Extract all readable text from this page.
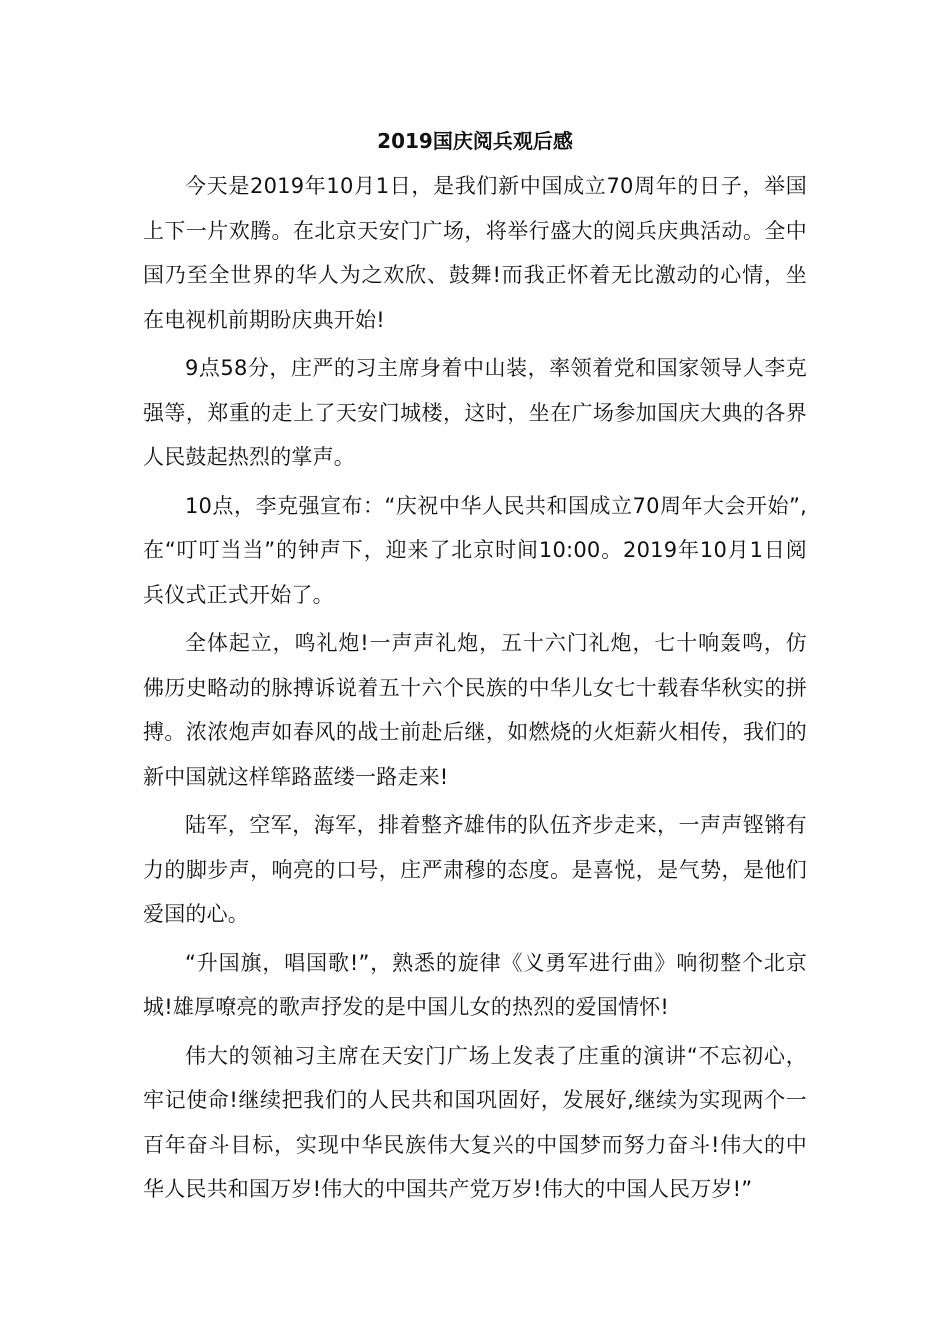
2019国庆阅兵观后感

今天是2019年10月1日，是我们新中国成立70周年的日子，举国上下一片欢腾。在北京天安门广场，将举行盛大的阅兵庆典活动。全中国乃至全世界的华人为之欢欣、鼓舞!而我正怀着无比激动的心情，坐在电视机前期盼庆典开始!

9点58分，庄严的习主席身着中山装，率领着党和国家领导人李克强等，郑重的走上了天安门城楼，这时，坐在广场参加国庆大典的各界人民鼓起热烈的掌声。

10点，李克强宣布：“庆祝中华人民共和国成立70周年大会开始”,在“叮叮当当”的钟声下，迎来了北京时间10:00。2019年10月1日阅兵仪式正式开始了。

全体起立，鸣礼炮!一声声礼炮，五十六门礼炮，七十响轰鸣，仿佛历史略动的脉搏诉说着五十六个民族的中华儿女七十载春华秋实的拼搏。浓浓炮声如春风的战士前赴后继，如燃烧的火炬薪火相传，我们的新中国就这样筚路蓝缕一路走来!

陆军，空军，海军，排着整齐雄伟的队伍齐步走来，一声声铿锵有力的脚步声，响亮的口号，庄严肃穆的态度。是喜悦，是气势，是他们爱国的心。

“升国旗，唱国歌!”，熟悉的旋律《义勇军进行曲》响彻整个北京城!雄厚嘹亮的歌声抒发的是中国儿女的热烈的爱国情怀!

伟大的领袖习主席在天安门广场上发表了庄重的演讲“不忘初心，牢记使命!继续把我们的人民共和国巩固好，发展好,继续为实现两个一百年奋斗目标，实现中华民族伟大复兴的中国梦而努力奋斗!伟大的中华人民共和国万岁!伟大的中国共产党万岁!伟大的中国人民万岁!”
